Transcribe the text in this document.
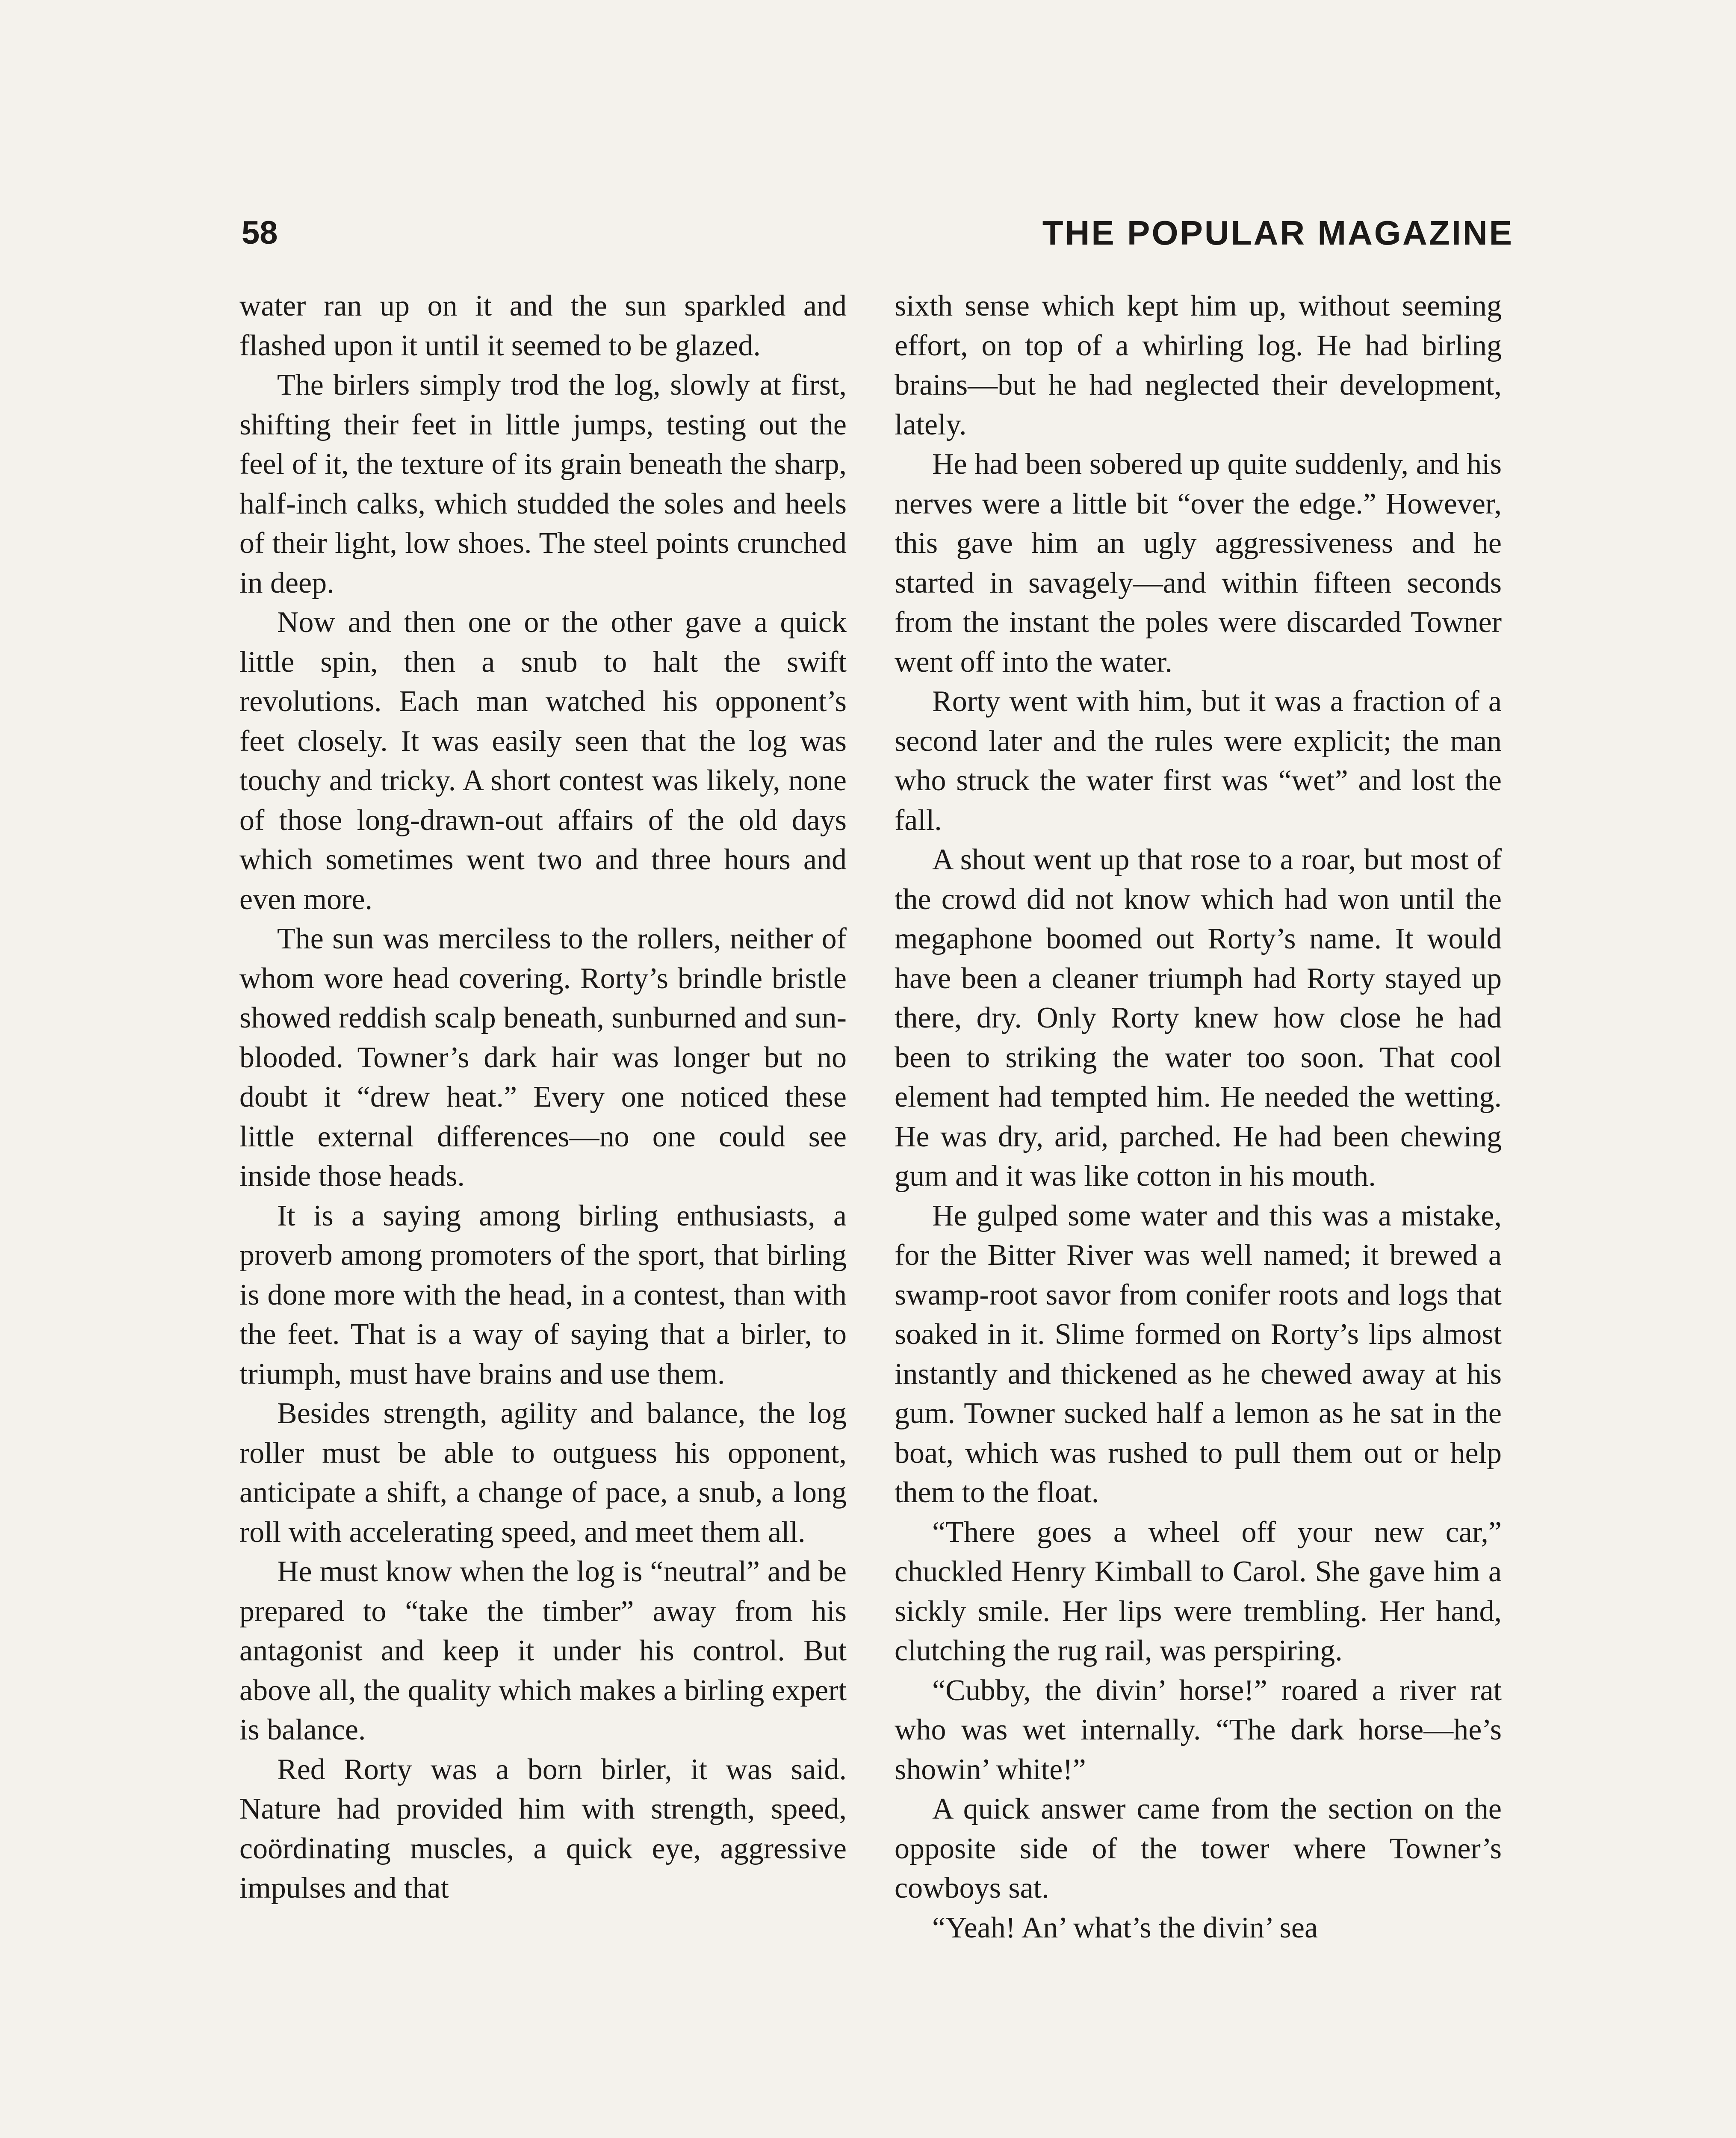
58	THE POPULAR MAGAZINE

water ran up on it and the sun sparkled and flashed upon it until it seemed to be glazed.

The birlers simply trod the log, slowly at first, shifting their feet in little jumps, testing out the feel of it, the texture of its grain beneath the sharp, half-inch calks, which studded the soles and heels of their light, low shoes. The steel points crunched in deep.

Now and then one or the other gave a quick little spin, then a snub to halt the swift revolutions. Each man watched his opponent’s feet closely. It was easily seen that the log was touchy and tricky. A short contest was likely, none of those long-drawn-out affairs of the old days which sometimes went two and three hours and even more.

The sun was merciless to the rollers, neither of whom wore head covering. Rorty’s brindle bristle showed reddish scalp beneath, sunburned and sun-blooded. Towner’s dark hair was longer but no doubt it “drew heat.” Every one noticed these little external differences—no one could see inside those heads.

It is a saying among birling enthusiasts, a proverb among promoters of the sport, that birling is done more with the head, in a contest, than with the feet. That is a way of saying that a birler, to triumph, must have brains and use them.

Besides strength, agility and balance, the log roller must be able to outguess his opponent, anticipate a shift, a change of pace, a snub, a long roll with accelerating speed, and meet them all.

He must know when the log is “neutral” and be prepared to “take the timber” away from his antagonist and keep it under his control. But above all, the quality which makes a birling expert is balance.

Red Rorty was a born birler, it was said. Nature had provided him with strength, speed, coördinating muscles, a quick eye, aggressive impulses and that

sixth sense which kept him up, without seeming effort, on top of a whirling log. He had birling brains—but he had neglected their development, lately.

He had been sobered up quite suddenly, and his nerves were a little bit “over the edge.” However, this gave him an ugly aggressiveness and he started in savagely—and within fifteen seconds from the instant the poles were discarded Towner went off into the water.

Rorty went with him, but it was a fraction of a second later and the rules were explicit; the man who struck the water first was “wet” and lost the fall.

A shout went up that rose to a roar, but most of the crowd did not know which had won until the megaphone boomed out Rorty’s name. It would have been a cleaner triumph had Rorty stayed up there, dry. Only Rorty knew how close he had been to striking the water too soon. That cool element had tempted him. He needed the wetting. He was dry, arid, parched. He had been chewing gum and it was like cotton in his mouth.

He gulped some water and this was a mistake, for the Bitter River was well named; it brewed a swamp-root savor from conifer roots and logs that soaked in it. Slime formed on Rorty’s lips almost instantly and thickened as he chewed away at his gum. Towner sucked half a lemon as he sat in the boat, which was rushed to pull them out or help them to the float.

“There goes a wheel off your new car,” chuckled Henry Kimball to Carol. She gave him a sickly smile. Her lips were trembling. Her hand, clutching the rug rail, was perspiring.

“Cubby, the divin’ horse!” roared a river rat who was wet internally. “The dark horse—he’s showin’ white!”

A quick answer came from the section on the opposite side of the tower where Towner’s cowboys sat.

“Yeah! An’ what’s the divin’ sea
